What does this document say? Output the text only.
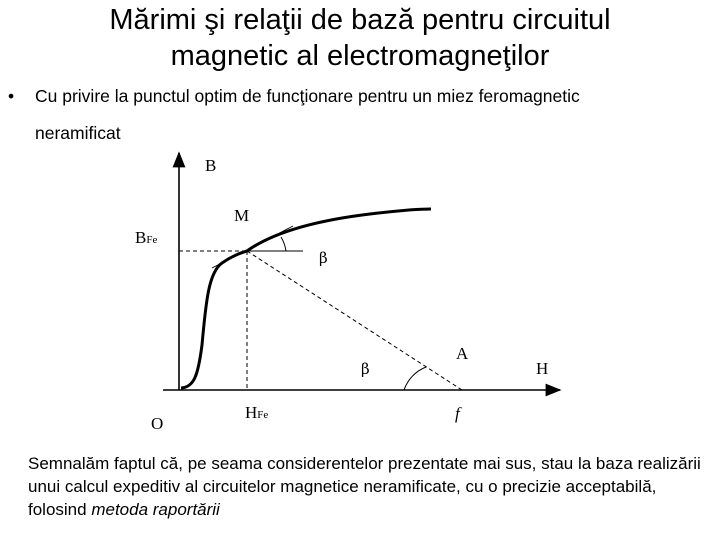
Mărimi şi relaţii de bază pentru circuitul
magnetic al electromagneţilor
• Cu privire la punctul optim de funcţionare pentru un miez feromagnetic
neramificat
B
H
O
M
BFe
HFe
β
β
A
f
Semnalăm faptul că, pe seama considerentelor prezentate mai sus, stau la baza realizării unui calcul expeditiv al circuitelor magnetice neramificate, cu o precizie acceptabilă, folosind metoda raportării
